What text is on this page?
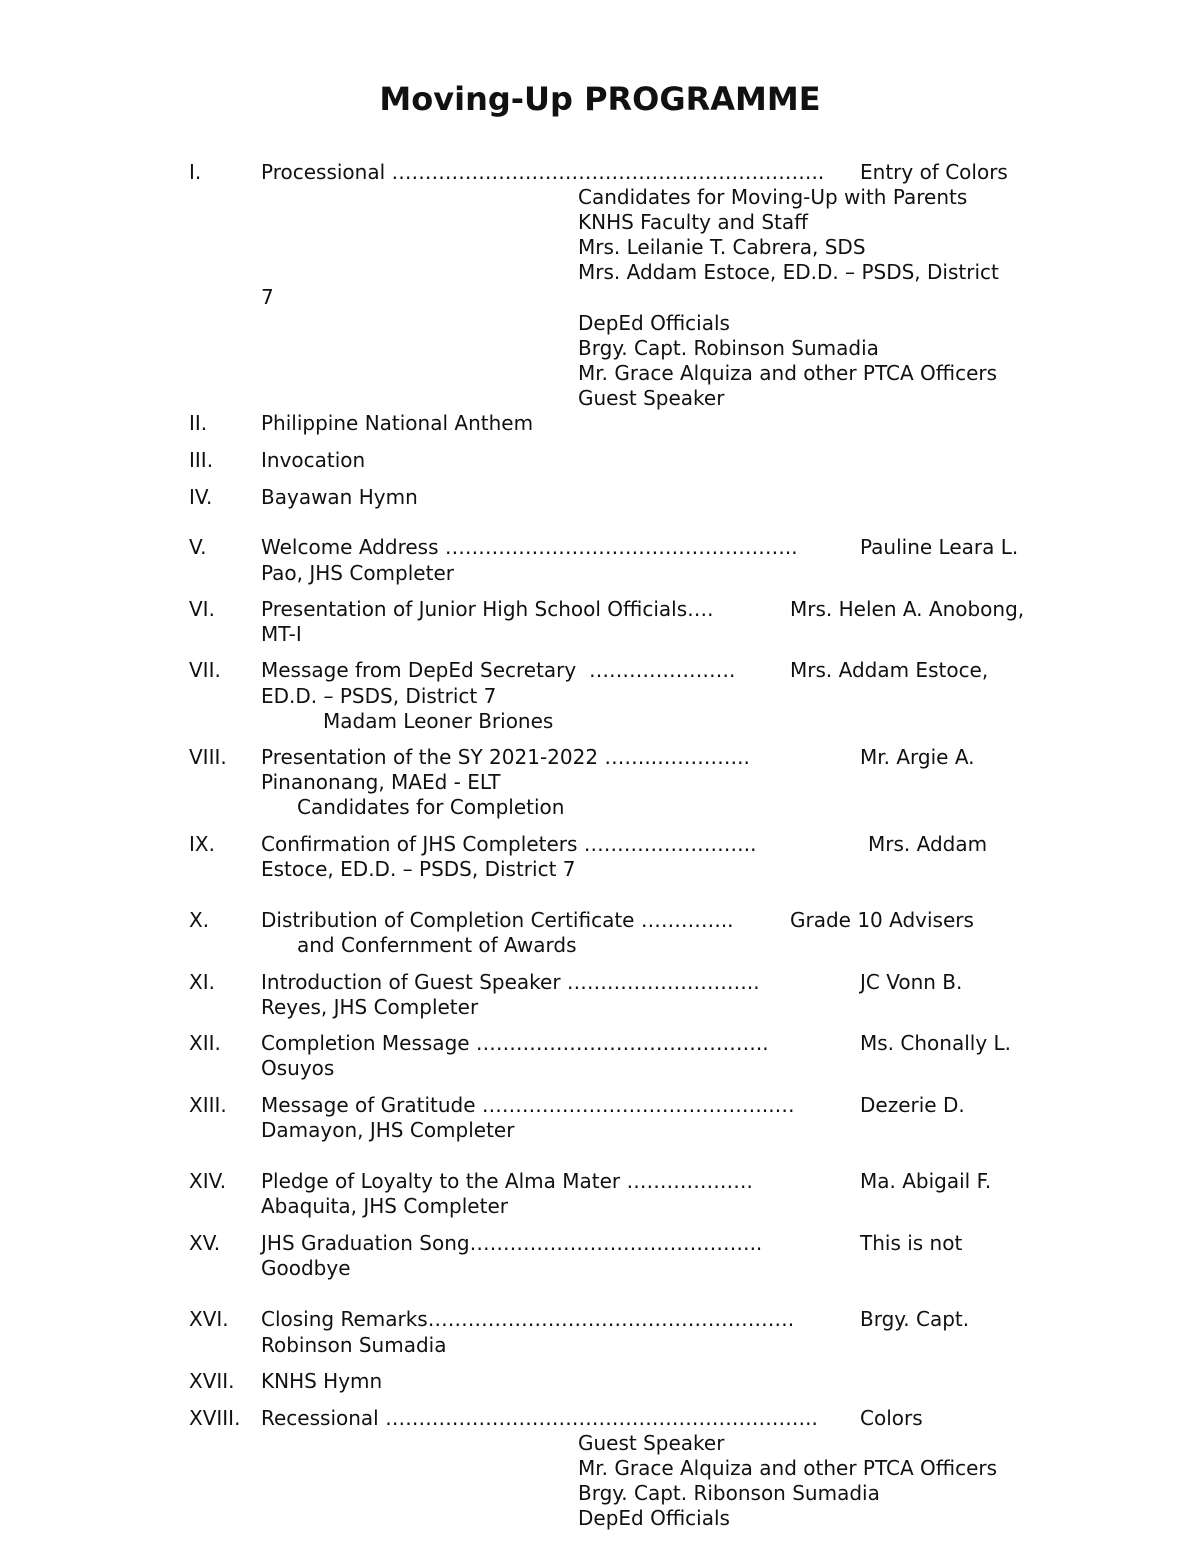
Moving-Up PROGRAMME
I.	Processional ……………………………………………………….. Entry of Colors
Candidates for Moving-Up with Parents
KNHS Faculty and Staff
Mrs. Leilanie T. Cabrera, SDS
Mrs. Addam Estoce, ED.D. – PSDS, District
7
DepEd Officials
Brgy. Capt. Robinson Sumadia
Mr. Grace Alquiza and other PTCA Officers
Guest Speaker
II.	Philippine National Anthem
III. Invocation
IV. Bayawan Hymn
V.	Welcome Address ……………………………………………..	Pauline Leara L.
Pao, JHS Completer
VI. Presentation of Junior High School Officials….	Mrs. Helen A. Anobong,
MT-I
VII. Message from DepEd Secretary  ………………….	Mrs. Addam Estoce,
ED.D. – PSDS, District 7
Madam Leoner Briones
VIII. Presentation of the SY 2021-2022 ……..…………..	Mr. Argie A.
Pinanonang, MAEd - ELT
Candidates for Completion
IX. Confirmation of JHS Completers ……………………..	Mrs. Addam
Estoce, ED.D. – PSDS, District 7
X.	Distribution of Completion Certificate …………..	Grade 10 Advisers
and Confernment of Awards
XI. Introduction of Guest Speaker ………………………..	JC Vonn B.
Reyes, JHS Completer
XII. Completion Message ……………………………………..	Ms. Chonally L.
Osuyos
XIII. Message of Gratitude ……………………………………..…	Dezerie D.
Damayon, JHS Completer
XIV. Pledge of Loyalty to the Alma Mater ……………….	Ma. Abigail F.
Abaquita, JHS Completer
XV. JHS Graduation Song……………………………………..	This is not
Goodbye
XVI. Closing Remarks……………………………………………….	Brgy. Capt.
Robinson Sumadia
XVII. KNHS Hymn
XVIII. Recessional ……………………………………………………….. Colors
Guest Speaker
Mr. Grace Alquiza and other PTCA Officers
Brgy. Capt. Ribonson Sumadia
DepEd Officials
